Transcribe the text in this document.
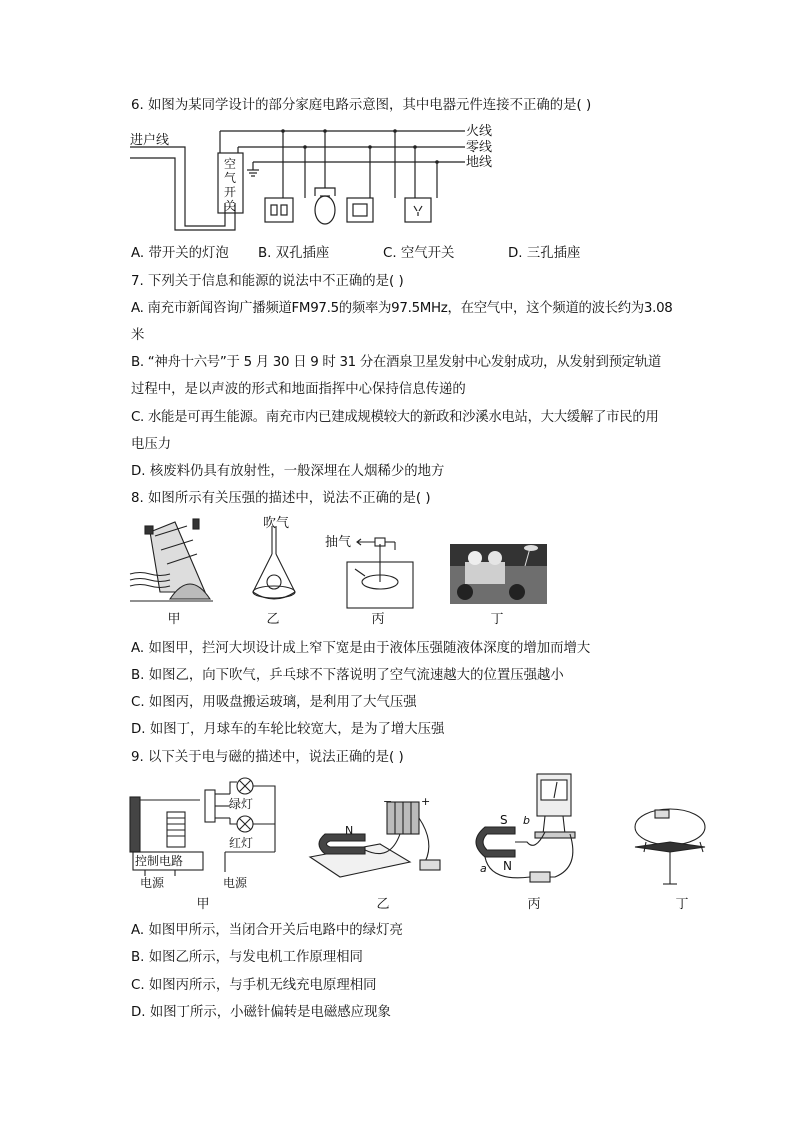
6. 如图为某同学设计的部分家庭电路示意图，其中电器元件连接不正确的是( )
进户线
火线
零线
地线
空
气
开
关
A. 带开关的灯泡 B. 双孔插座	C. 空气开关	D. 三孔插座
7. 下列关于信息和能源的说法中不正确的是( )
A. 南充市新闻咨询广播频道FM97.5的频率为97.5MHz，在空气中，这个频道的波长约为3.08
米
B. “神舟十六号”于 5 月 30 日 9 时 31 分在酒泉卫星发射中心发射成功，从发射到预定轨道
过程中，是以声波的形式和地面指挥中心保持信息传递的
C. 水能是可再生能源。南充市内已建成规模较大的新政和沙溪水电站，大大缓解了市民的用
电压力
D. 核废料仍具有放射性，一般深埋在人烟稀少的地方
8. 如图所示有关压强的描述中，说法不正确的是( )
吹气
抽气
甲	乙	丙	丁
A. 如图甲，拦河大坝设计成上窄下宽是由于液体压强随液体深度的增加而增大
B. 如图乙，向下吹气，乒乓球不下落说明了空气流速越大的位置压强越小
C. 如图丙，用吸盘搬运玻璃，是利用了大气压强
D. 如图丁，月球车的车轮比较宽大，是为了增大压强
9. 以下关于电与磁的描述中，说法正确的是( )
绿灯
红灯
控制电路
电源	电源
N
−	+
S
N
a
b
甲	乙	丙	丁
A. 如图甲所示，当闭合开关后电路中的绿灯亮
B. 如图乙所示，与发电机工作原理相同
C. 如图丙所示，与手机无线充电原理相同
D. 如图丁所示，小磁针偏转是电磁感应现象
